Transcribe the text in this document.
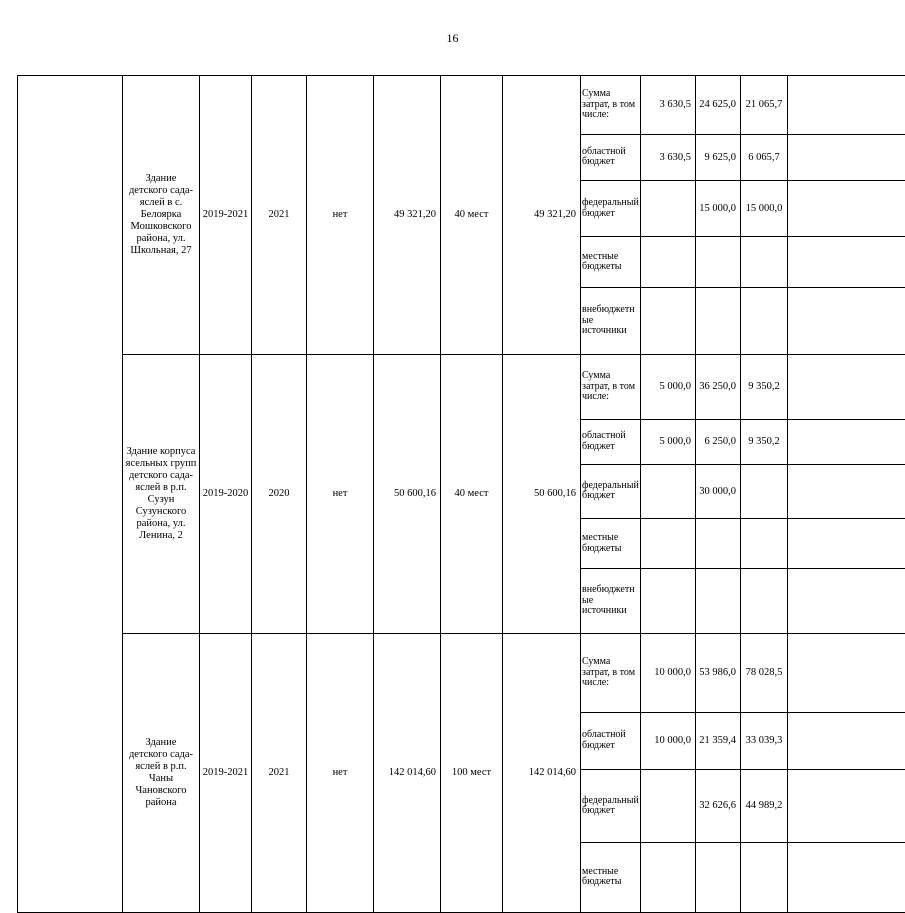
16
	Здание детского сада-яслей в с. Белоярка Мошковского района, ул. Школьная, 27	2019-2021	2021	нет	49 321,20	40 мест	49 321,20	Сумма затрат, в том числе:	3 630,5	24 625,0	21 065,7		
								областной бюджет	3 630,5	9 625,0	6 065,7		
								федеральный бюджет		15 000,0	15 000,0		
								местные бюджеты					
								внебюджетные источники					
	Здание корпуса ясельных групп детского сада-яслей в р.п. Сузун Сузунского района, ул. Ленина, 2	2019-2020	2020	нет	50 600,16	40 мест	50 600,16	Сумма затрат, в том числе:	5 000,0	36 250,0	9 350,2		
								областной бюджет	5 000,0	6 250,0	9 350,2		
								федеральный бюджет		30 000,0			
								местные бюджеты					
								внебюджетные источники					
	Здание детского сада-яслей в р.п. Чаны Чановского района	2019-2021	2021	нет	142 014,60	100 мест	142 014,60	Сумма затрат, в том числе:	10 000,0	53 986,0	78 028,5		
								областной бюджет	10 000,0	21 359,4	33 039,3		
								федеральный бюджет		32 626,6	44 989,2		
								местные бюджеты					
